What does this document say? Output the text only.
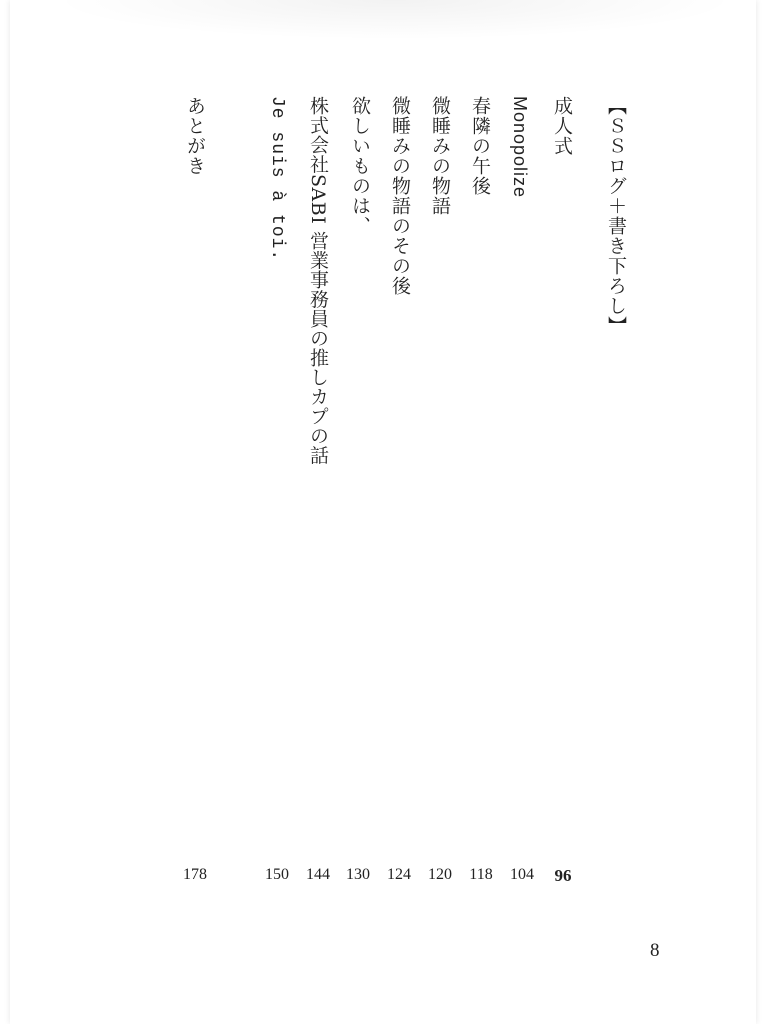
【ＳＳログ＋書き下ろし】
成人式
Monopolize
春隣の午後
微睡みの物語
微睡みの物語のその後
欲しいものは、
株式会社SABI 営業事務員の推しカプの話
Je suis à toi.
あとがき
96
104
118
120
124
130
144
150
178
8
